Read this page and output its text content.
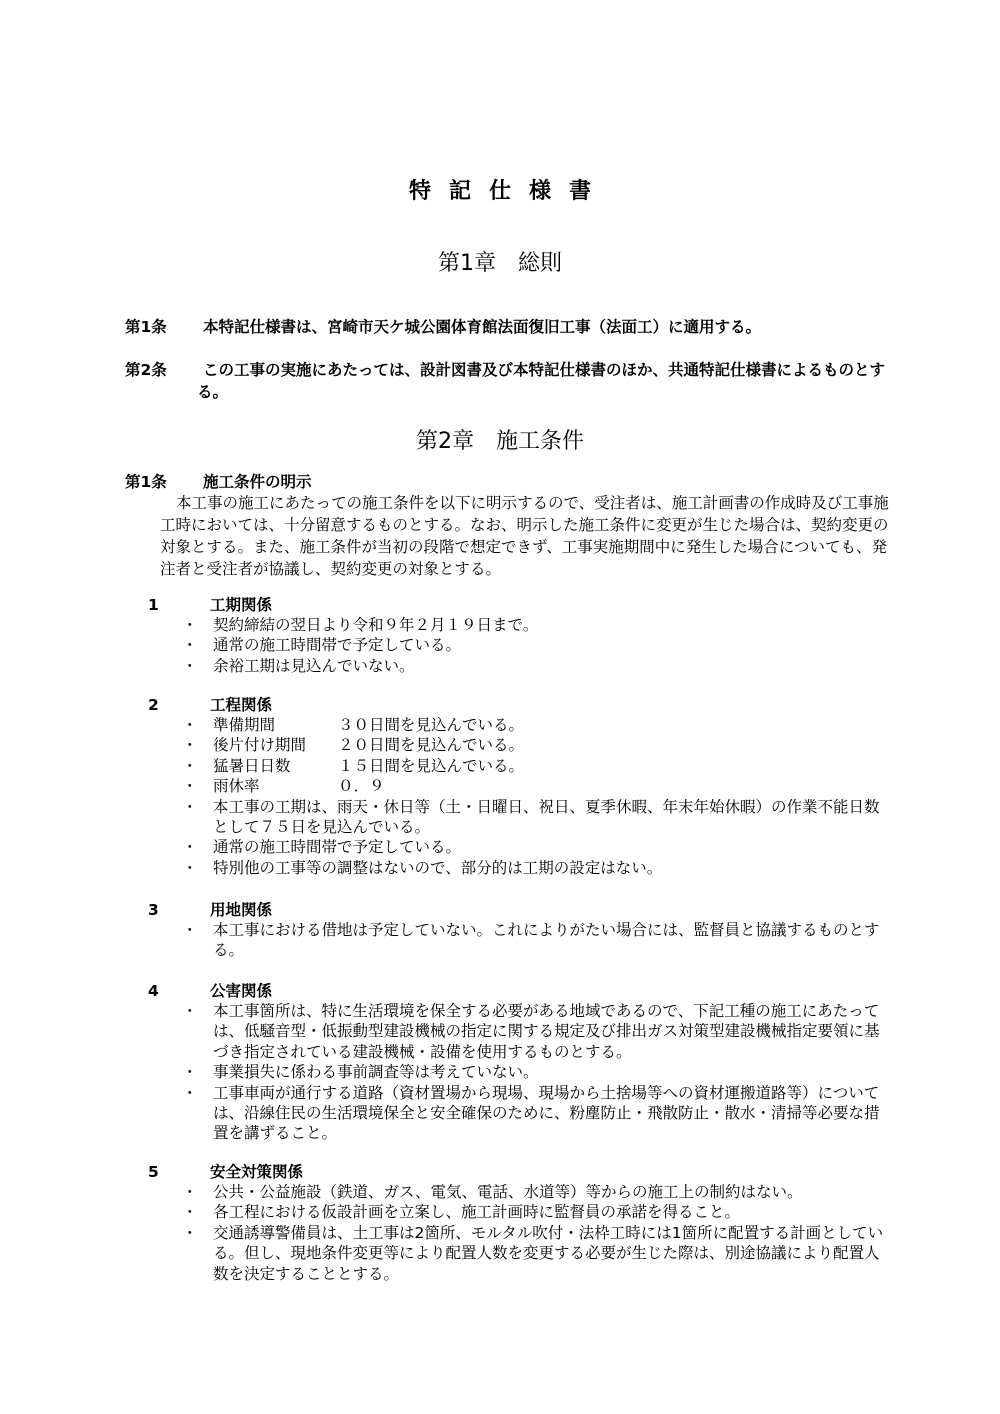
特記仕様書
第1章　総則
第1条	本特記仕様書は、宮崎市天ケ城公園体育館法面復旧工事（法面工）に適用する。
第2条	この工事の実施にあたっては、設計図書及び本特記仕様書のほか、共通特記仕様書によるものとする。
第2章　施工条件
第1条	施工条件の明示
本工事の施工にあたっての施工条件を以下に明示するので、受注者は、施工計画書の作成時及び工事施工時においては、十分留意するものとする。なお、明示した施工条件に変更が生じた場合は、契約変更の対象とする。また、施工条件が当初の段階で想定できず、工事実施期間中に発生した場合についても、発注者と受注者が協議し、契約変更の対象とする。
1	工期関係
・ 契約締結の翌日より令和９年２月１９日まで。
・ 通常の施工時間帯で予定している。
・ 余裕工期は見込んでいない。
2	工程関係
・ 準備期間	３０日間を見込んでいる。
・ 後片付け期間 ２０日間を見込んでいる。
・ 猛暑日日数	１５日間を見込んでいる。
・ 雨休率	０．９
・ 本工事の工期は、雨天・休日等（土・日曜日、祝日、夏季休暇、年末年始休暇）の作業不能日数として７５日を見込んでいる。
・ 通常の施工時間帯で予定している。
・ 特別他の工事等の調整はないので、部分的は工期の設定はない。
3	用地関係
・ 本工事における借地は予定していない。これによりがたい場合には、監督員と協議するものとする。
4	公害関係
・ 本工事箇所は、特に生活環境を保全する必要がある地域であるので、下記工種の施工にあたっては、低騒音型・低振動型建設機械の指定に関する規定及び排出ガス対策型建設機械指定要領に基づき指定されている建設機械・設備を使用するものとする。
・ 事業損失に係わる事前調査等は考えていない。
・ 工事車両が通行する道路（資材置場から現場、現場から土捨場等への資材運搬道路等）については、沿線住民の生活環境保全と安全確保のために、粉塵防止・飛散防止・散水・清掃等必要な措置を講ずること。
5	安全対策関係
・ 公共・公益施設（鉄道、ガス、電気、電話、水道等）等からの施工上の制約はない。
・ 各工程における仮設計画を立案し、施工計画時に監督員の承諾を得ること。
・ 交通誘導警備員は、土工事は2箇所、モルタル吹付・法枠工時には1箇所に配置する計画としている。但し、現地条件変更等により配置人数を変更する必要が生じた際は、別途協議により配置人数を決定することとする。
